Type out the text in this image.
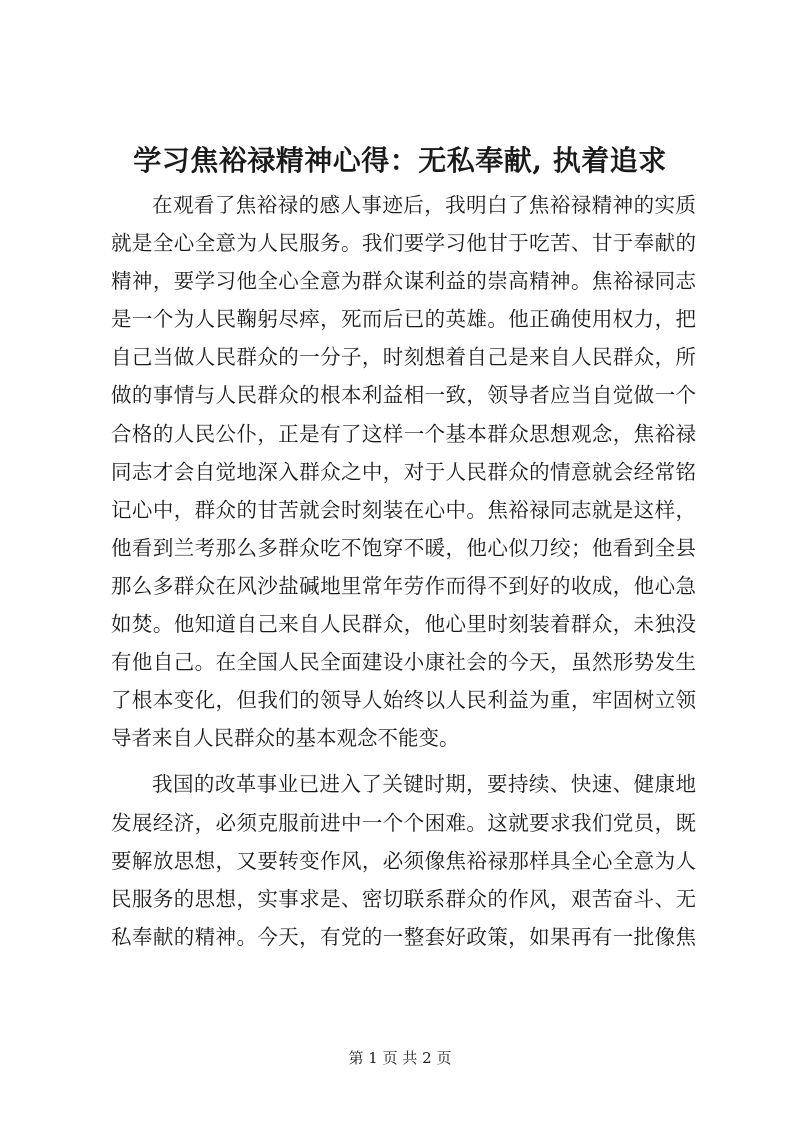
学习焦裕禄精神心得：无私奉献, 执着追求
在观看了焦裕禄的感人事迹后，我明白了焦裕禄精神的实质
就是全心全意为人民服务。我们要学习他甘于吃苦、甘于奉献的
精神，要学习他全心全意为群众谋利益的崇高精神。焦裕禄同志
是一个为人民鞠躬尽瘁，死而后已的英雄。他正确使用权力，把
自己当做人民群众的一分子，时刻想着自己是来自人民群众，所
做的事情与人民群众的根本利益相一致，领导者应当自觉做一个
合格的人民公仆，正是有了这样一个基本群众思想观念，焦裕禄
同志才会自觉地深入群众之中，对于人民群众的情意就会经常铭
记心中，群众的甘苦就会时刻装在心中。焦裕禄同志就是这样，
他看到兰考那么多群众吃不饱穿不暖，他心似刀绞；他看到全县
那么多群众在风沙盐碱地里常年劳作而得不到好的收成，他心急
如焚。他知道自己来自人民群众，他心里时刻装着群众，未独没
有他自己。在全国人民全面建设小康社会的今天，虽然形势发生
了根本变化，但我们的领导人始终以人民利益为重，牢固树立领
导者来自人民群众的基本观念不能变。
我国的改革事业已进入了关键时期，要持续、快速、健康地
发展经济，必须克服前进中一个个困难。这就要求我们党员，既
要解放思想，又要转变作风，必须像焦裕禄那样具全心全意为人
民服务的思想，实事求是、密切联系群众的作风，艰苦奋斗、无
私奉献的精神。今天，有党的一整套好政策，如果再有一批像焦
第 1 页 共 2 页
